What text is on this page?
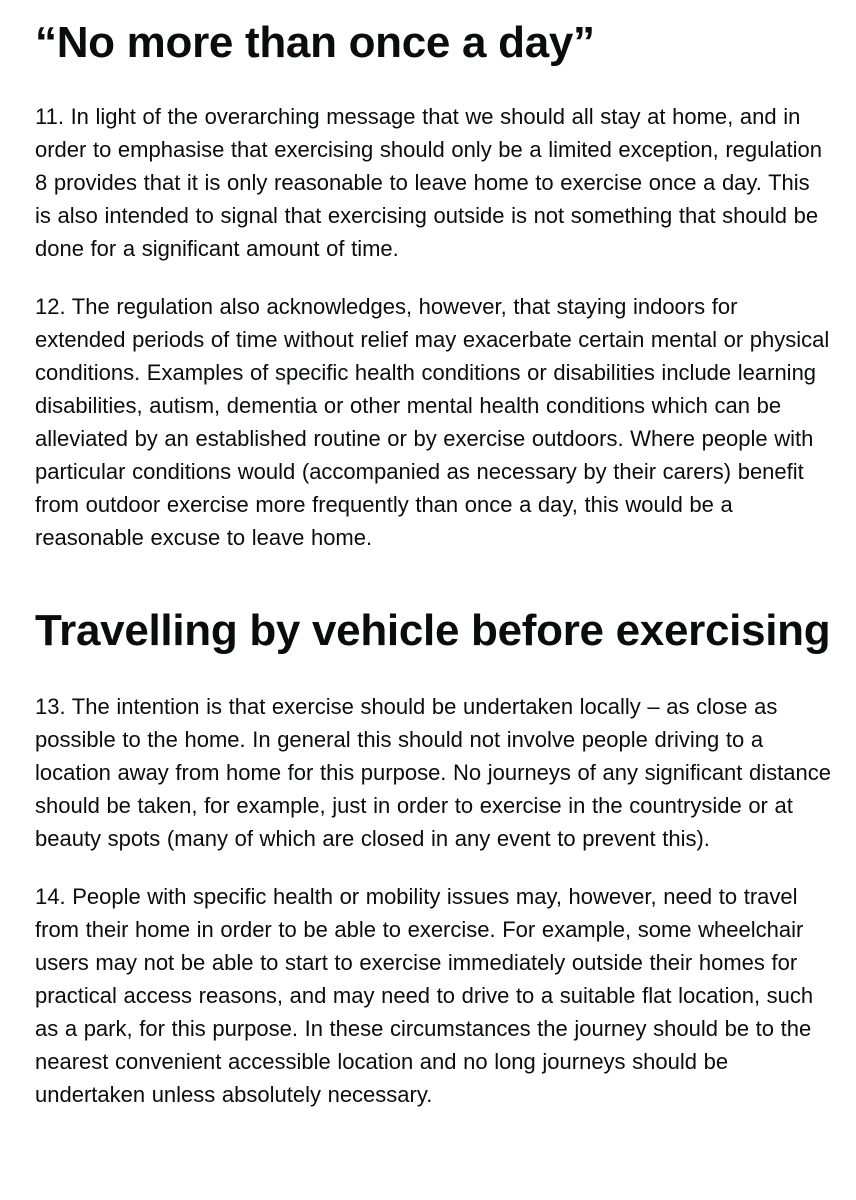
“No more than once a day”

11. In light of the overarching message that we should all stay at home, and in order to emphasise that exercising should only be a limited exception, regulation 8 provides that it is only reasonable to leave home to exercise once a day. This is also intended to signal that exercising outside is not something that should be done for a significant amount of time.

12. The regulation also acknowledges, however, that staying indoors for extended periods of time without relief may exacerbate certain mental or physical conditions. Examples of specific health conditions or disabilities include learning disabilities, autism, dementia or other mental health conditions which can be alleviated by an established routine or by exercise outdoors. Where people with particular conditions would (accompanied as necessary by their carers) benefit from outdoor exercise more frequently than once a day, this would be a reasonable excuse to leave home.

Travelling by vehicle before exercising

13. The intention is that exercise should be undertaken locally – as close as possible to the home. In general this should not involve people driving to a location away from home for this purpose. No journeys of any significant distance should be taken, for example, just in order to exercise in the countryside or at beauty spots (many of which are closed in any event to prevent this).

14. People with specific health or mobility issues may, however, need to travel from their home in order to be able to exercise. For example, some wheelchair users may not be able to start to exercise immediately outside their homes for practical access reasons, and may need to drive to a suitable flat location, such as a park, for this purpose. In these circumstances the journey should be to the nearest convenient accessible location and no long journeys should be undertaken unless absolutely necessary.
